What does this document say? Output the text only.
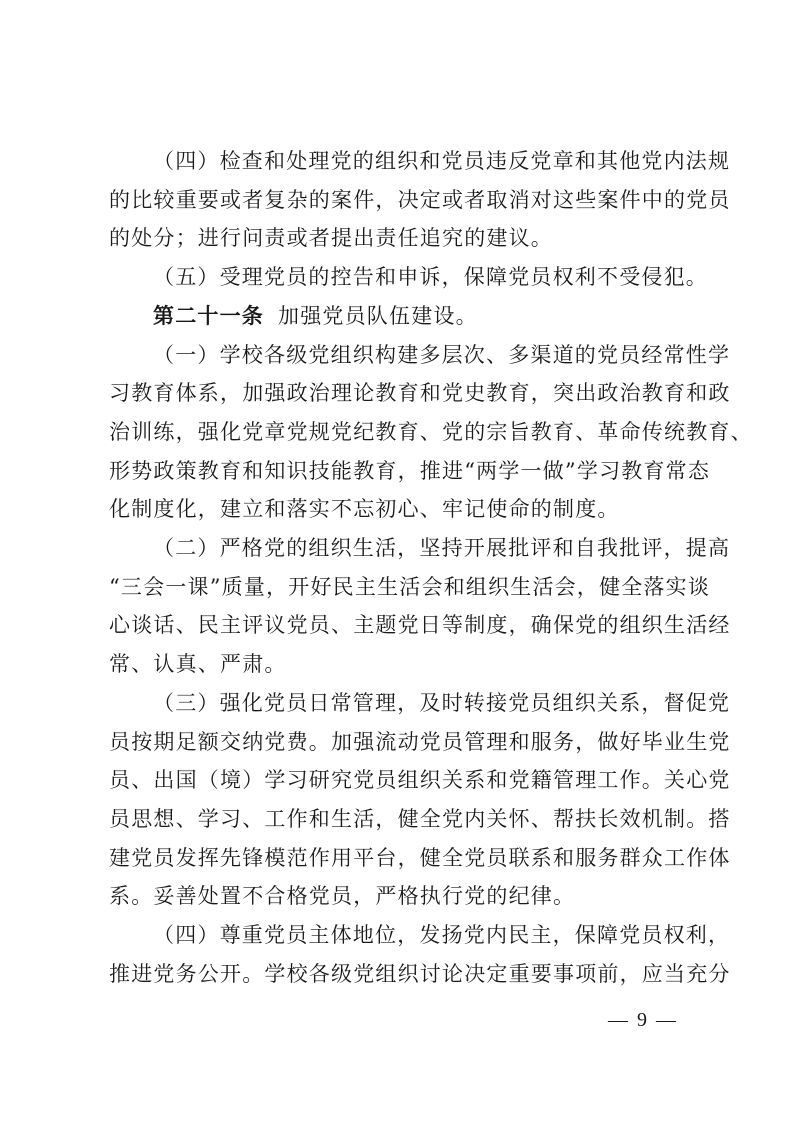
（四）检查和处理党的组织和党员违反党章和其他党内法规
的比较重要或者复杂的案件，决定或者取消对这些案件中的党员
的处分；进行问责或者提出责任追究的建议。

（五）受理党员的控告和申诉，保障党员权利不受侵犯。

第二十一条 加强党员队伍建设。

（一）学校各级党组织构建多层次、多渠道的党员经常性学
习教育体系，加强政治理论教育和党史教育，突出政治教育和政
治训练，强化党章党规党纪教育、党的宗旨教育、革命传统教育、
形势政策教育和知识技能教育，推进“两学一做”学习教育常态
化制度化，建立和落实不忘初心、牢记使命的制度。

（二）严格党的组织生活，坚持开展批评和自我批评，提高
“三会一课”质量，开好民主生活会和组织生活会，健全落实谈
心谈话、民主评议党员、主题党日等制度，确保党的组织生活经
常、认真、严肃。

（三）强化党员日常管理，及时转接党员组织关系，督促党
员按期足额交纳党费。加强流动党员管理和服务，做好毕业生党
员、出国（境）学习研究党员组织关系和党籍管理工作。关心党
员思想、学习、工作和生活，健全党内关怀、帮扶长效机制。搭
建党员发挥先锋模范作用平台，健全党员联系和服务群众工作体
系。妥善处置不合格党员，严格执行党的纪律。

（四）尊重党员主体地位，发扬党内民主，保障党员权利，
推进党务公开。学校各级党组织讨论决定重要事项前，应当充分

— 9 —
